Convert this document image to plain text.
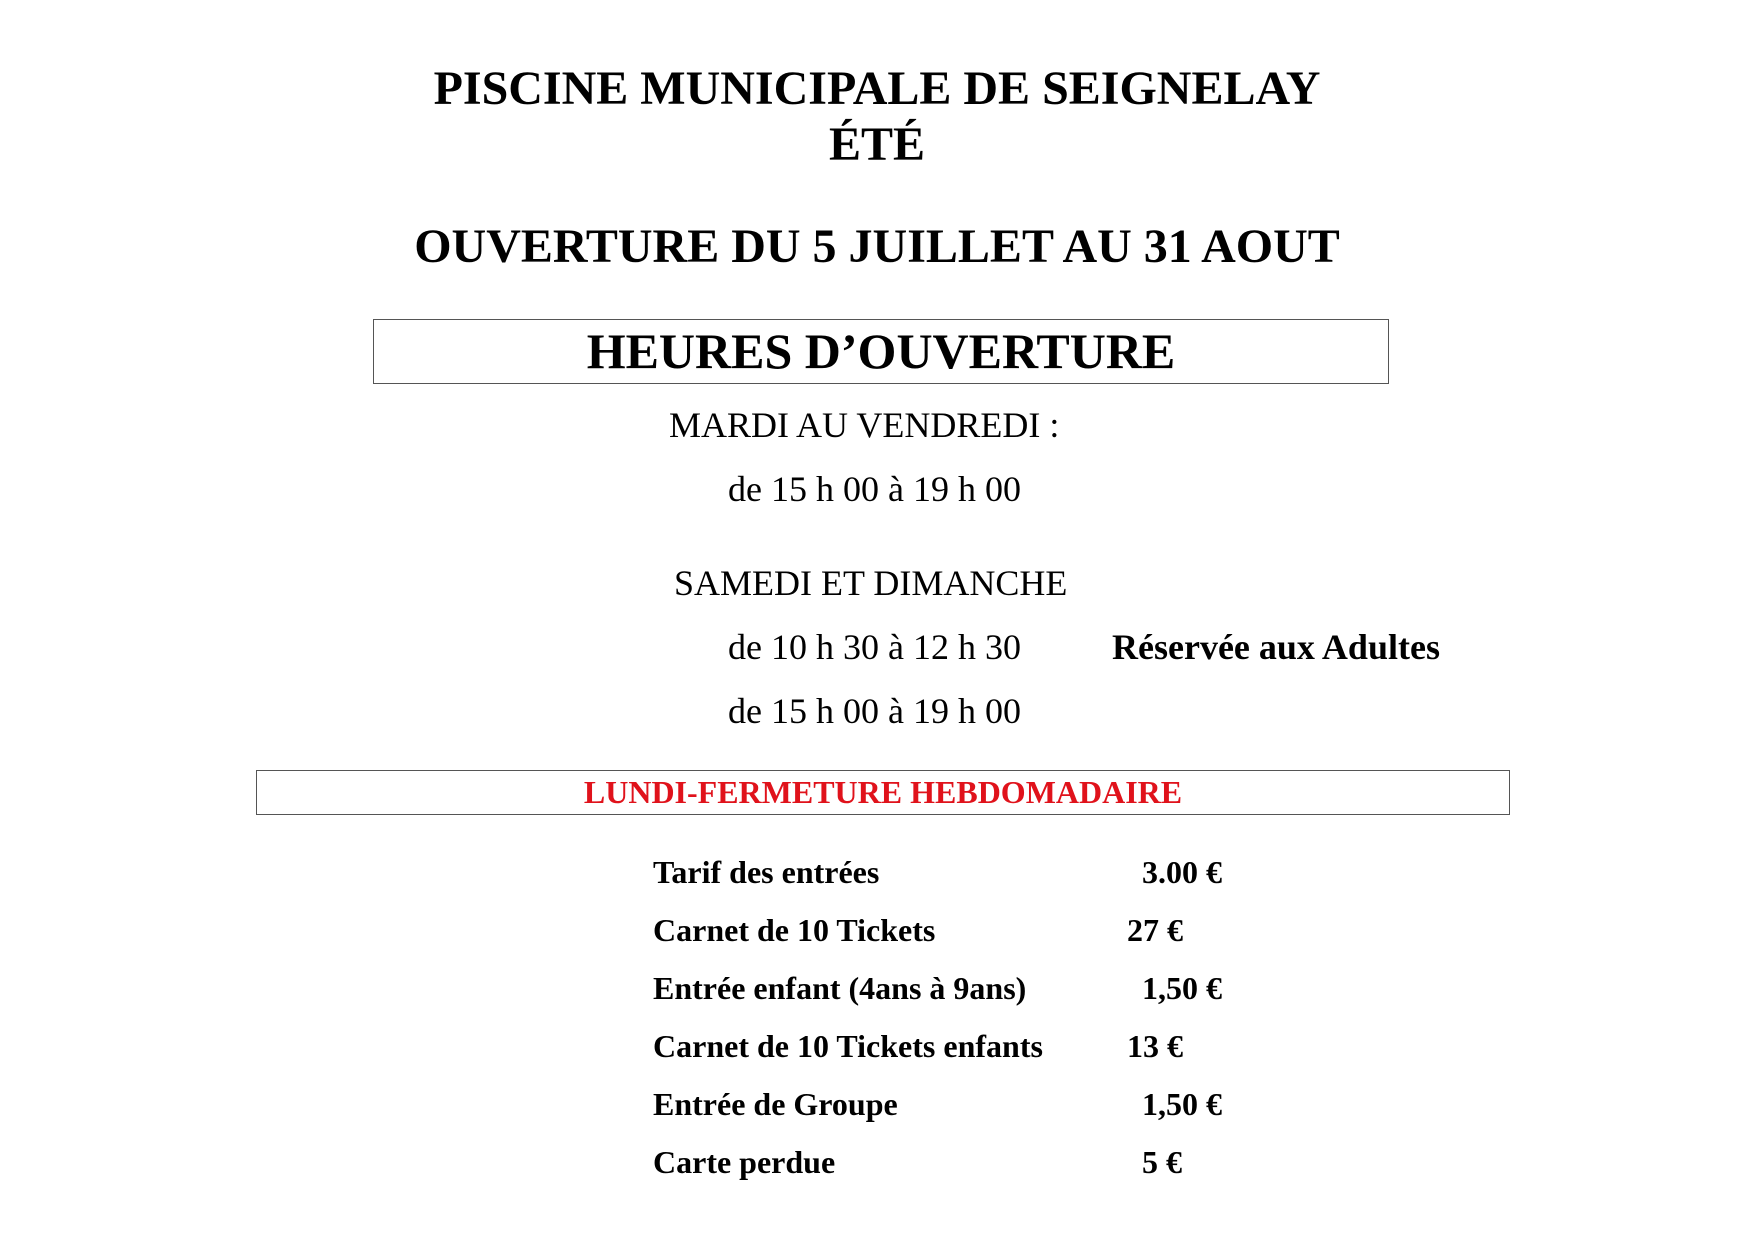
PISCINE MUNICIPALE DE SEIGNELAY
ÉTÉ
OUVERTURE DU 5 JUILLET AU 31 AOUT
HEURES D’OUVERTURE
MARDI AU VENDREDI :
de 15 h 00 à 19 h 00
SAMEDI ET DIMANCHE
de 10 h 30 à 12 h 30	Réservée aux Adultes
de 15 h 00 à 19 h 00
LUNDI-FERMETURE HEBDOMADAIRE
Tarif des entrées	3.00 €
Carnet de 10 Tickets	27 €
Entrée enfant (4ans à 9ans)	1,50 €
Carnet de 10 Tickets enfants	13 €
Entrée de Groupe	1,50 €
Carte perdue	5 €
